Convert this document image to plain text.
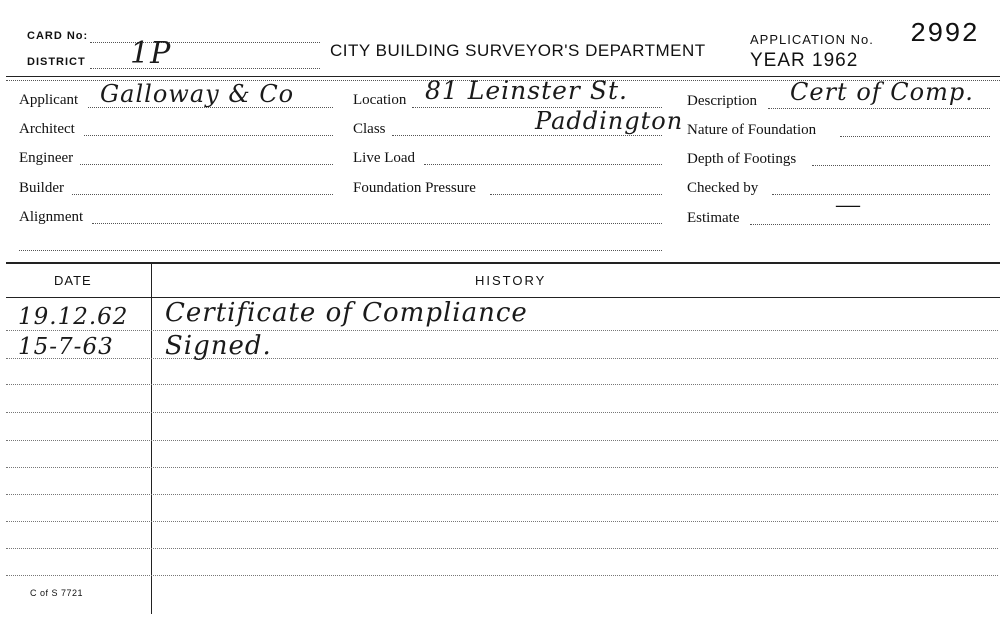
CARD No:
DISTRICT 1P	CITY BUILDING SURVEYOR'S DEPARTMENT
APPLICATION No. 2992
YEAR 1962
Applicant Galloway & Co
Architect
Engineer
Builder
Alignment
Location 81 Leinster St.
Class	Paddington
Live Load
Foundation Pressure
Description Cert of Comp.
Nature of Foundation
Depth of Footings
Checked by
Estimate	—
DATE	HISTORY
19.12.62 Certificate of Compliance
15-7-63 Signed.
C of S 7721
